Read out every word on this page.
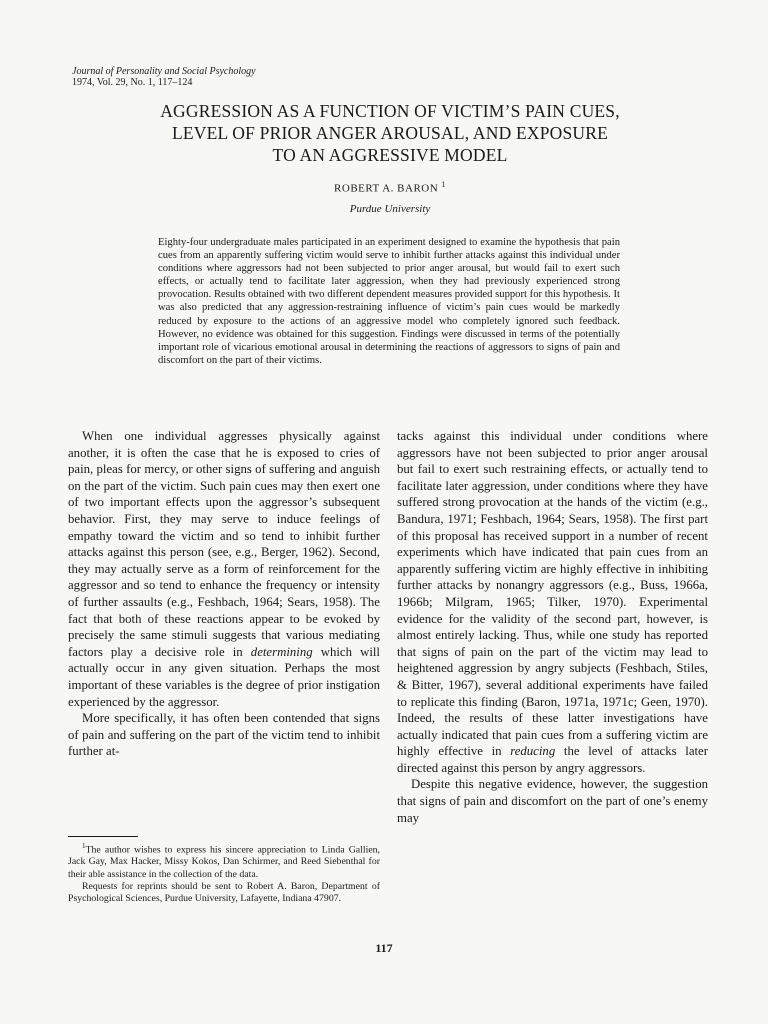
Journal of Personality and Social Psychology
1974, Vol. 29, No. 1, 117–124
AGGRESSION AS A FUNCTION OF VICTIM’S PAIN CUES,
LEVEL OF PRIOR ANGER AROUSAL, AND EXPOSURE
TO AN AGGRESSIVE MODEL
ROBERT A. BARON $^1$
Purdue University

Eighty-four undergraduate males participated in an experiment designed to examine the hypothesis that pain cues from an apparently suffering victim would serve to inhibit further attacks against this individual under conditions where aggressors had not been subjected to prior anger arousal, but would fail to exert such effects, or actually tend to facilitate later aggression, when they had previously experienced strong provocation. Results obtained with two different dependent measures provided support for this hypothesis. It was also predicted that any aggression-restraining influence of victim’s pain cues would be markedly reduced by exposure to the actions of an aggressive model who completely ignored such feedback. However, no evidence was obtained for this suggestion. Findings were discussed in terms of the potentially important role of vicarious emotional arousal in determining the reactions of aggressors to signs of pain and discomfort on the part of their victims.

When one individual aggresses physically against another, it is often the case that he is exposed to cries of pain, pleas for mercy, or other signs of suffering and anguish on the part of the victim. Such pain cues may then exert one of two important effects upon the aggressor’s subsequent behavior. First, they may serve to induce feelings of empathy toward the victim and so tend to inhibit further attacks against this person (see, e.g., Berger, 1962). Second, they may actually serve as a form of reinforcement for the aggressor and so tend to enhance the frequency or intensity of further assaults (e.g., Feshbach, 1964; Sears, 1958). The fact that both of these reactions appear to be evoked by precisely the same stimuli suggests that various mediating factors play a decisive role in determining which will actually occur in any given situation. Perhaps the most important of these variables is the degree of prior instigation experienced by the aggressor.

More specifically, it has often been contended that signs of pain and suffering on the part of the victim tend to inhibit further at-

$^1$The author wishes to express his sincere appreciation to Linda Gallien, Jack Gay, Max Hacker, Missy Kokos, Dan Schirmer, and Reed Siebenthal for their able assistance in the collection of the data.

Requests for reprints should be sent to Robert A. Baron, Department of Psychological Sciences, Purdue University, Lafayette, Indiana 47907.

tacks against this individual under conditions where aggressors have not been subjected to prior anger arousal but fail to exert such restraining effects, or actually tend to facilitate later aggression, under conditions where they have suffered strong provocation at the hands of the victim (e.g., Bandura, 1971; Feshbach, 1964; Sears, 1958). The first part of this proposal has received support in a number of recent experiments which have indicated that pain cues from an apparently suffering victim are highly effective in inhibiting further attacks by nonangry aggressors (e.g., Buss, 1966a, 1966b; Milgram, 1965; Tilker, 1970). Experimental evidence for the validity of the second part, however, is almost entirely lacking. Thus, while one study has reported that signs of pain on the part of the victim may lead to heightened aggression by angry subjects (Feshbach, Stiles, & Bitter, 1967), several additional experiments have failed to replicate this finding (Baron, 1971a, 1971c; Geen, 1970). Indeed, the results of these latter investigations have actually indicated that pain cues from a suffering victim are highly effective in reducing the level of attacks later directed against this person by angry aggressors.

Despite this negative evidence, however, the suggestion that signs of pain and discomfort on the part of one’s enemy may

117
